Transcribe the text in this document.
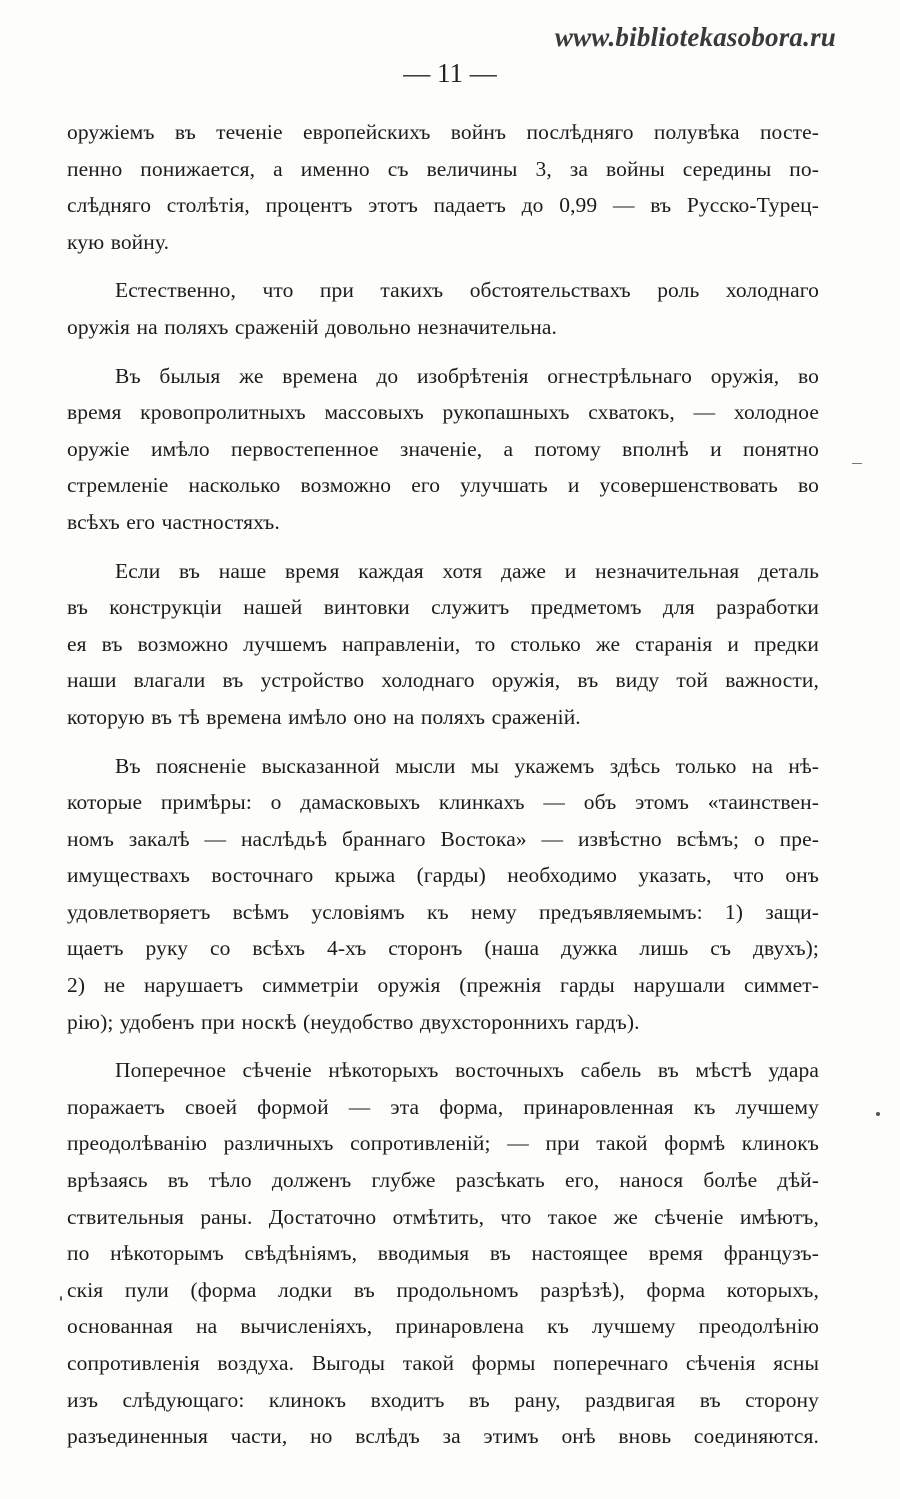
www.bibliotekasobora.ru
— 11 —

оружіемъ въ теченіе европейскихъ войнъ послѣдняго полувѣка посте-
пенно понижается, а именно съ величины 3, за войны середины по-
слѣдняго столѣтія, процентъ этотъ падаетъ до 0,99 — въ Русско-Турец-
кую войну.

Естественно, что при такихъ обстоятельствахъ роль холоднаго
оружія на поляхъ сраженій довольно незначительна.

Въ былыя же времена до изобрѣтенія огнестрѣльнаго оружія, во
время кровопролитныхъ массовыхъ рукопашныхъ схватокъ, — холодное
оружіе имѣло первостепенное значеніе, а потому вполнѣ и понятно
стремленіе насколько возможно его улучшать и усовершенствовать во
всѣхъ его частностяхъ.

Если въ наше время каждая хотя даже и незначительная деталь
въ конструкціи нашей винтовки служитъ предметомъ для разработки
ея въ возможно лучшемъ направленіи, то столько же старанія и предки
наши влагали въ устройство холоднаго оружія, въ виду той важности,
которую въ тѣ времена имѣло оно на поляхъ сраженій.

Въ поясненіе высказанной мысли мы укажемъ здѣсь только на нѣ-
которые примѣры: о дамасковыхъ клинкахъ — объ этомъ «таинствен-
номъ закалѣ — наслѣдьѣ браннаго Востока» — извѣстно всѣмъ; о пре-
имуществахъ восточнаго крыжа (гарды) необходимо указать, что онъ
удовлетворяетъ всѣмъ условіямъ къ нему предъявляемымъ: 1) защи-
щаетъ руку со всѣхъ 4-хъ сторонъ (наша дужка лишь съ двухъ);
2) не нарушаетъ симметріи оружія (прежнія гарды нарушали симмет-
рію); удобенъ при носкѣ (неудобство двухстороннихъ гардъ).

Поперечное сѣченіе нѣкоторыхъ восточныхъ сабель въ мѣстѣ удара
поражаетъ своей формой — эта форма, принаровленная къ лучшему
преодолѣванію различныхъ сопротивленій; — при такой формѣ клинокъ
врѣзаясь въ тѣло долженъ глубже разсѣкать его, нанося болѣе дѣй-
ствительныя раны. Достаточно отмѣтить, что такое же сѣченіе имѣютъ,
по нѣкоторымъ свѣдѣніямъ, вводимыя въ настоящее время французъ-
скія пули (форма лодки въ продольномъ разрѣзѣ), форма которыхъ,
основанная на вычисленіяхъ, принаровлена къ лучшему преодолѣнію
сопротивленія воздуха. Выгоды такой формы поперечнаго сѣченія ясны
изъ слѣдующаго: клинокъ входитъ въ рану, раздвигая въ сторону
разъединенныя части, но вслѣдъ за этимъ онѣ вновь соединяются.
